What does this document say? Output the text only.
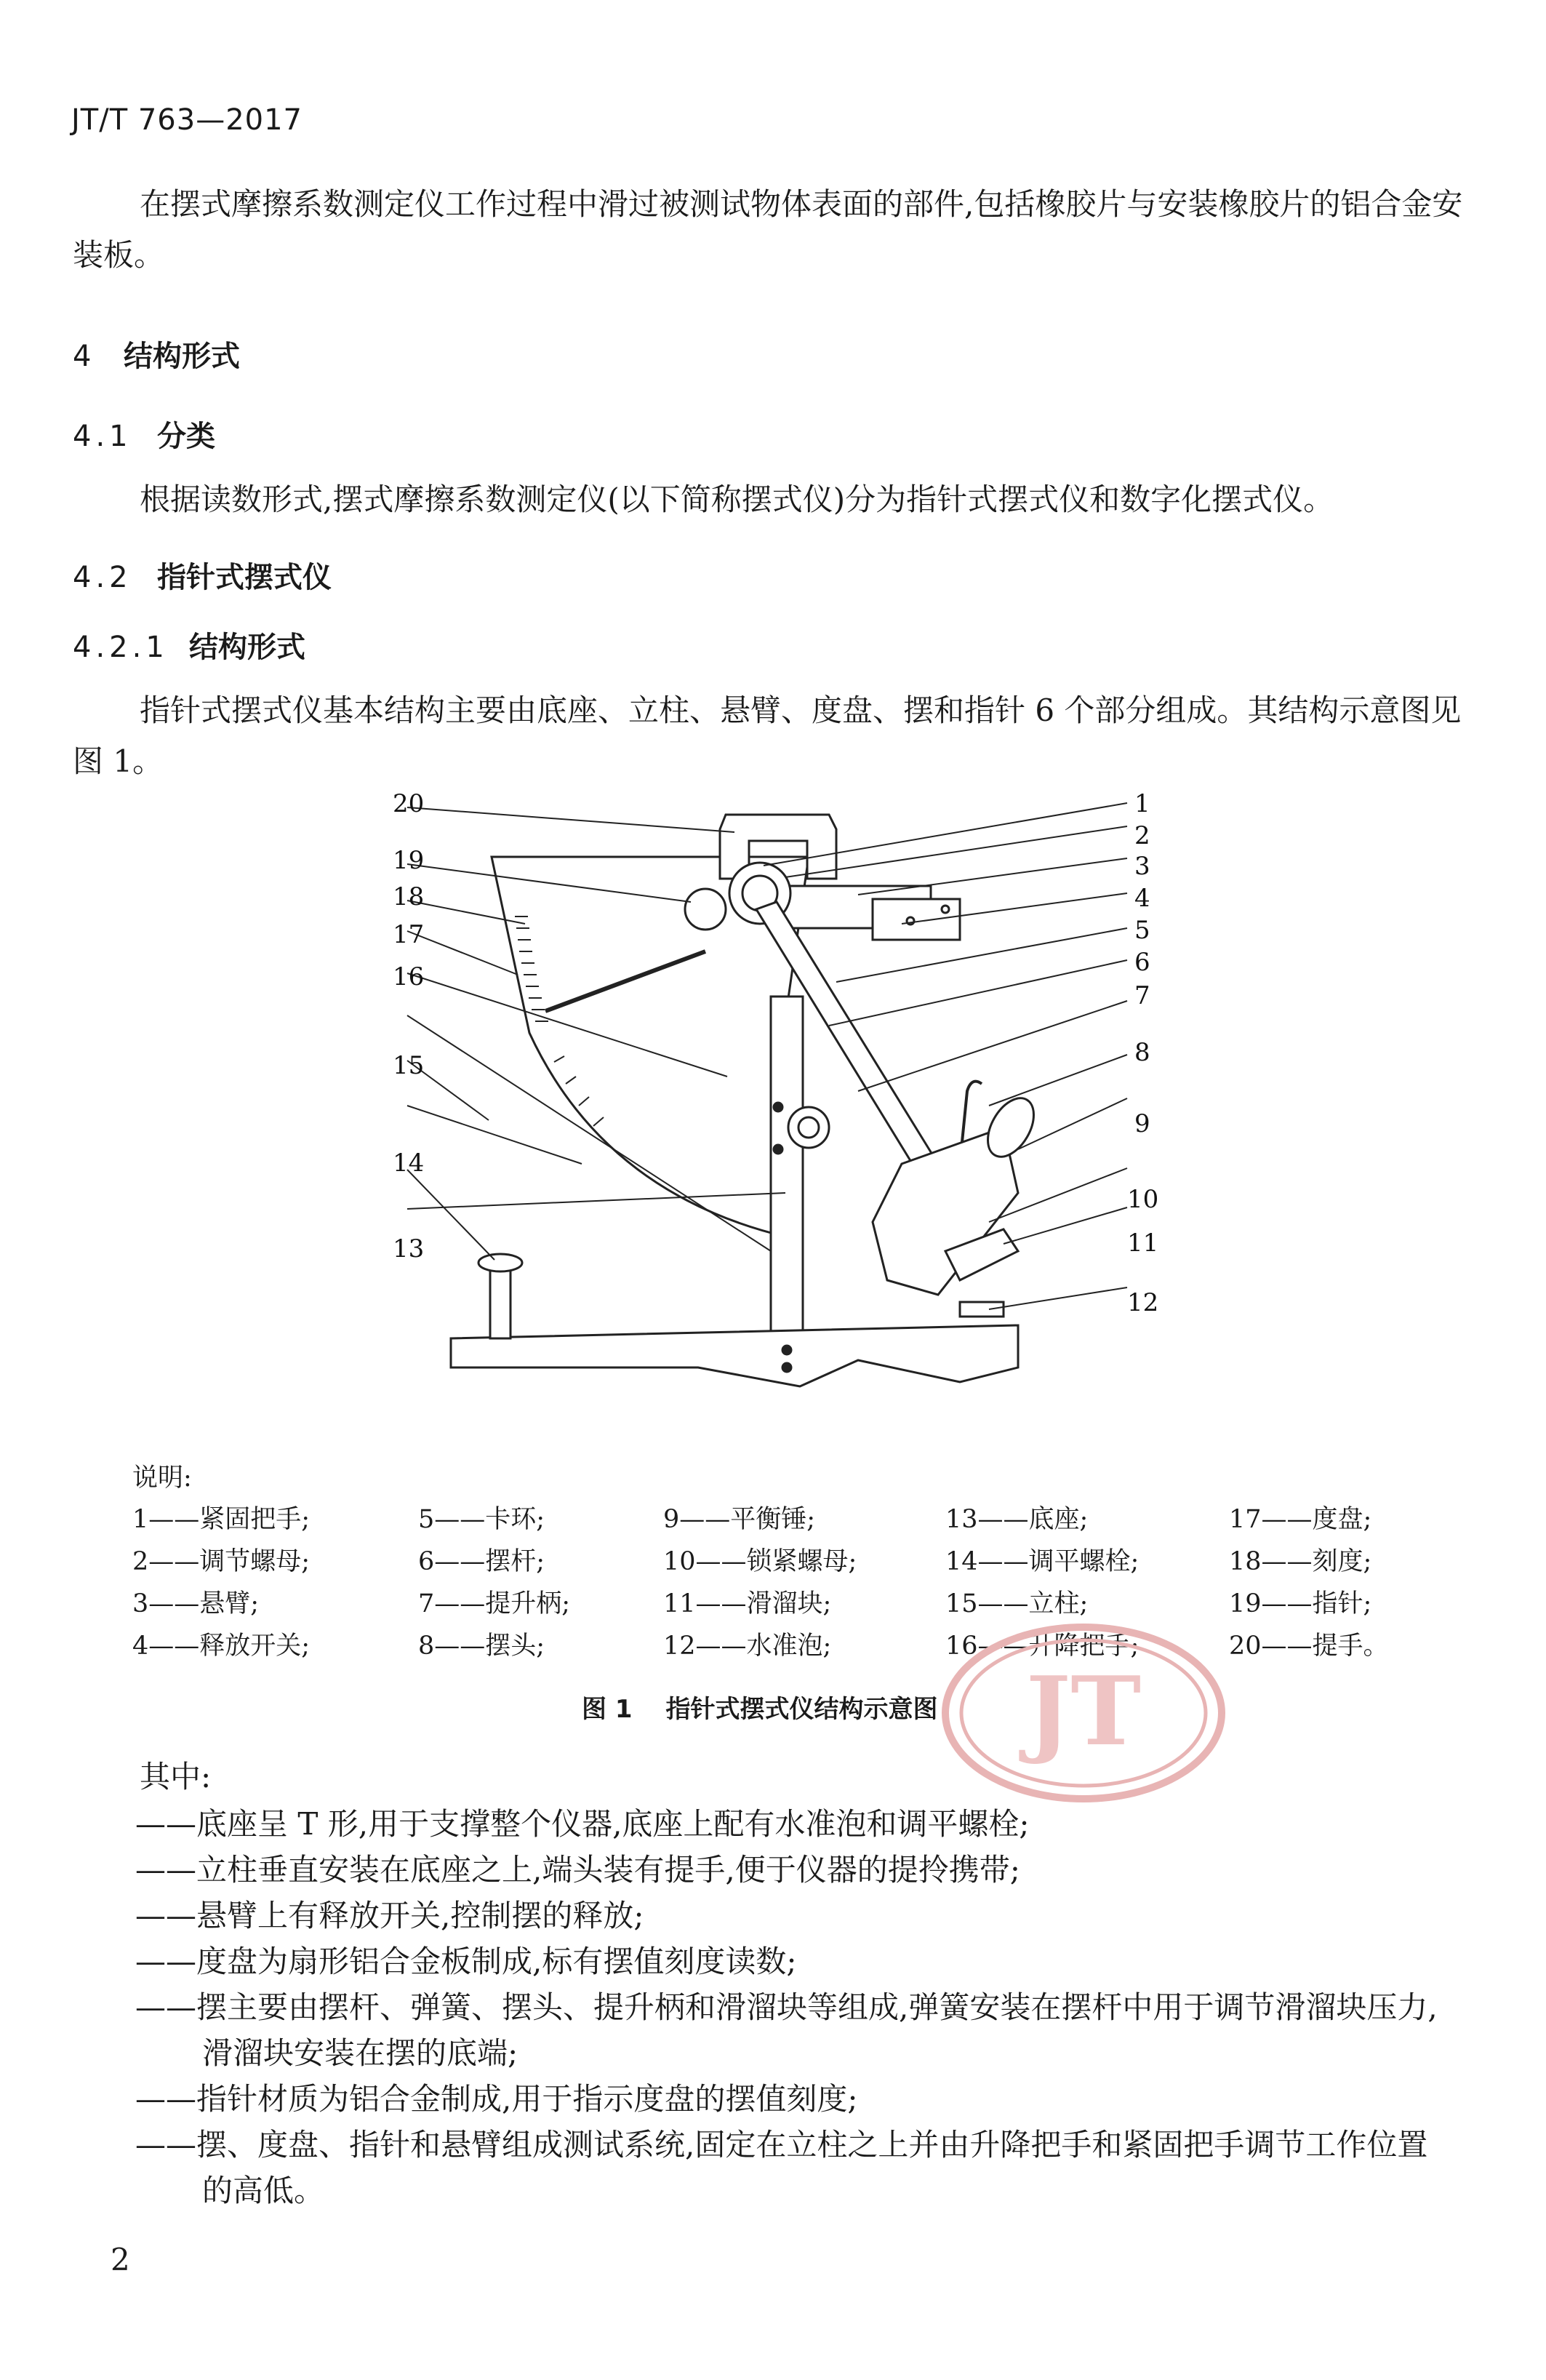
JT/T 763—2017
在摆式摩擦系数测定仪工作过程中滑过被测试物体表面的部件,包括橡胶片与安装橡胶片的铝合金安装板。
4 结构形式
4.1 分类
根据读数形式,摆式摩擦系数测定仪(以下简称摆式仪)分为指针式摆式仪和数字化摆式仪。
4.2 指针式摆式仪
4.2.1 结构形式
指针式摆式仪基本结构主要由底座、立柱、悬臂、度盘、摆和指针 6 个部分组成。其结构示意图见图 1。
20
19
18
17
16
15
14
13
1
2
3
4
5
6
7
8
9
10
11
12
说明:
1——紧固把手;
2——调节螺母;
3——悬臂;
4——释放开关;
5——卡环;
6——摆杆;
7——提升柄;
8——摆头;
9——平衡锤;
10——锁紧螺母;
11——滑溜块;
12——水准泡;
13——底座;
14——调平螺栓;
15——立柱;
16——升降把手;
17——度盘;
18——刻度;
19——指针;
20——提手。
JT
图 1 指针式摆式仪结构示意图
其中:
——底座呈 T 形,用于支撑整个仪器,底座上配有水准泡和调平螺栓;
——立柱垂直安装在底座之上,端头装有提手,便于仪器的提拎携带;
——悬臂上有释放开关,控制摆的释放;
——度盘为扇形铝合金板制成,标有摆值刻度读数;
——摆主要由摆杆、弹簧、摆头、提升柄和滑溜块等组成,弹簧安装在摆杆中用于调节滑溜块压力,
滑溜块安装在摆的底端;
——指针材质为铝合金制成,用于指示度盘的摆值刻度;
——摆、度盘、指针和悬臂组成测试系统,固定在立柱之上并由升降把手和紧固把手调节工作位置
的高低。
2
